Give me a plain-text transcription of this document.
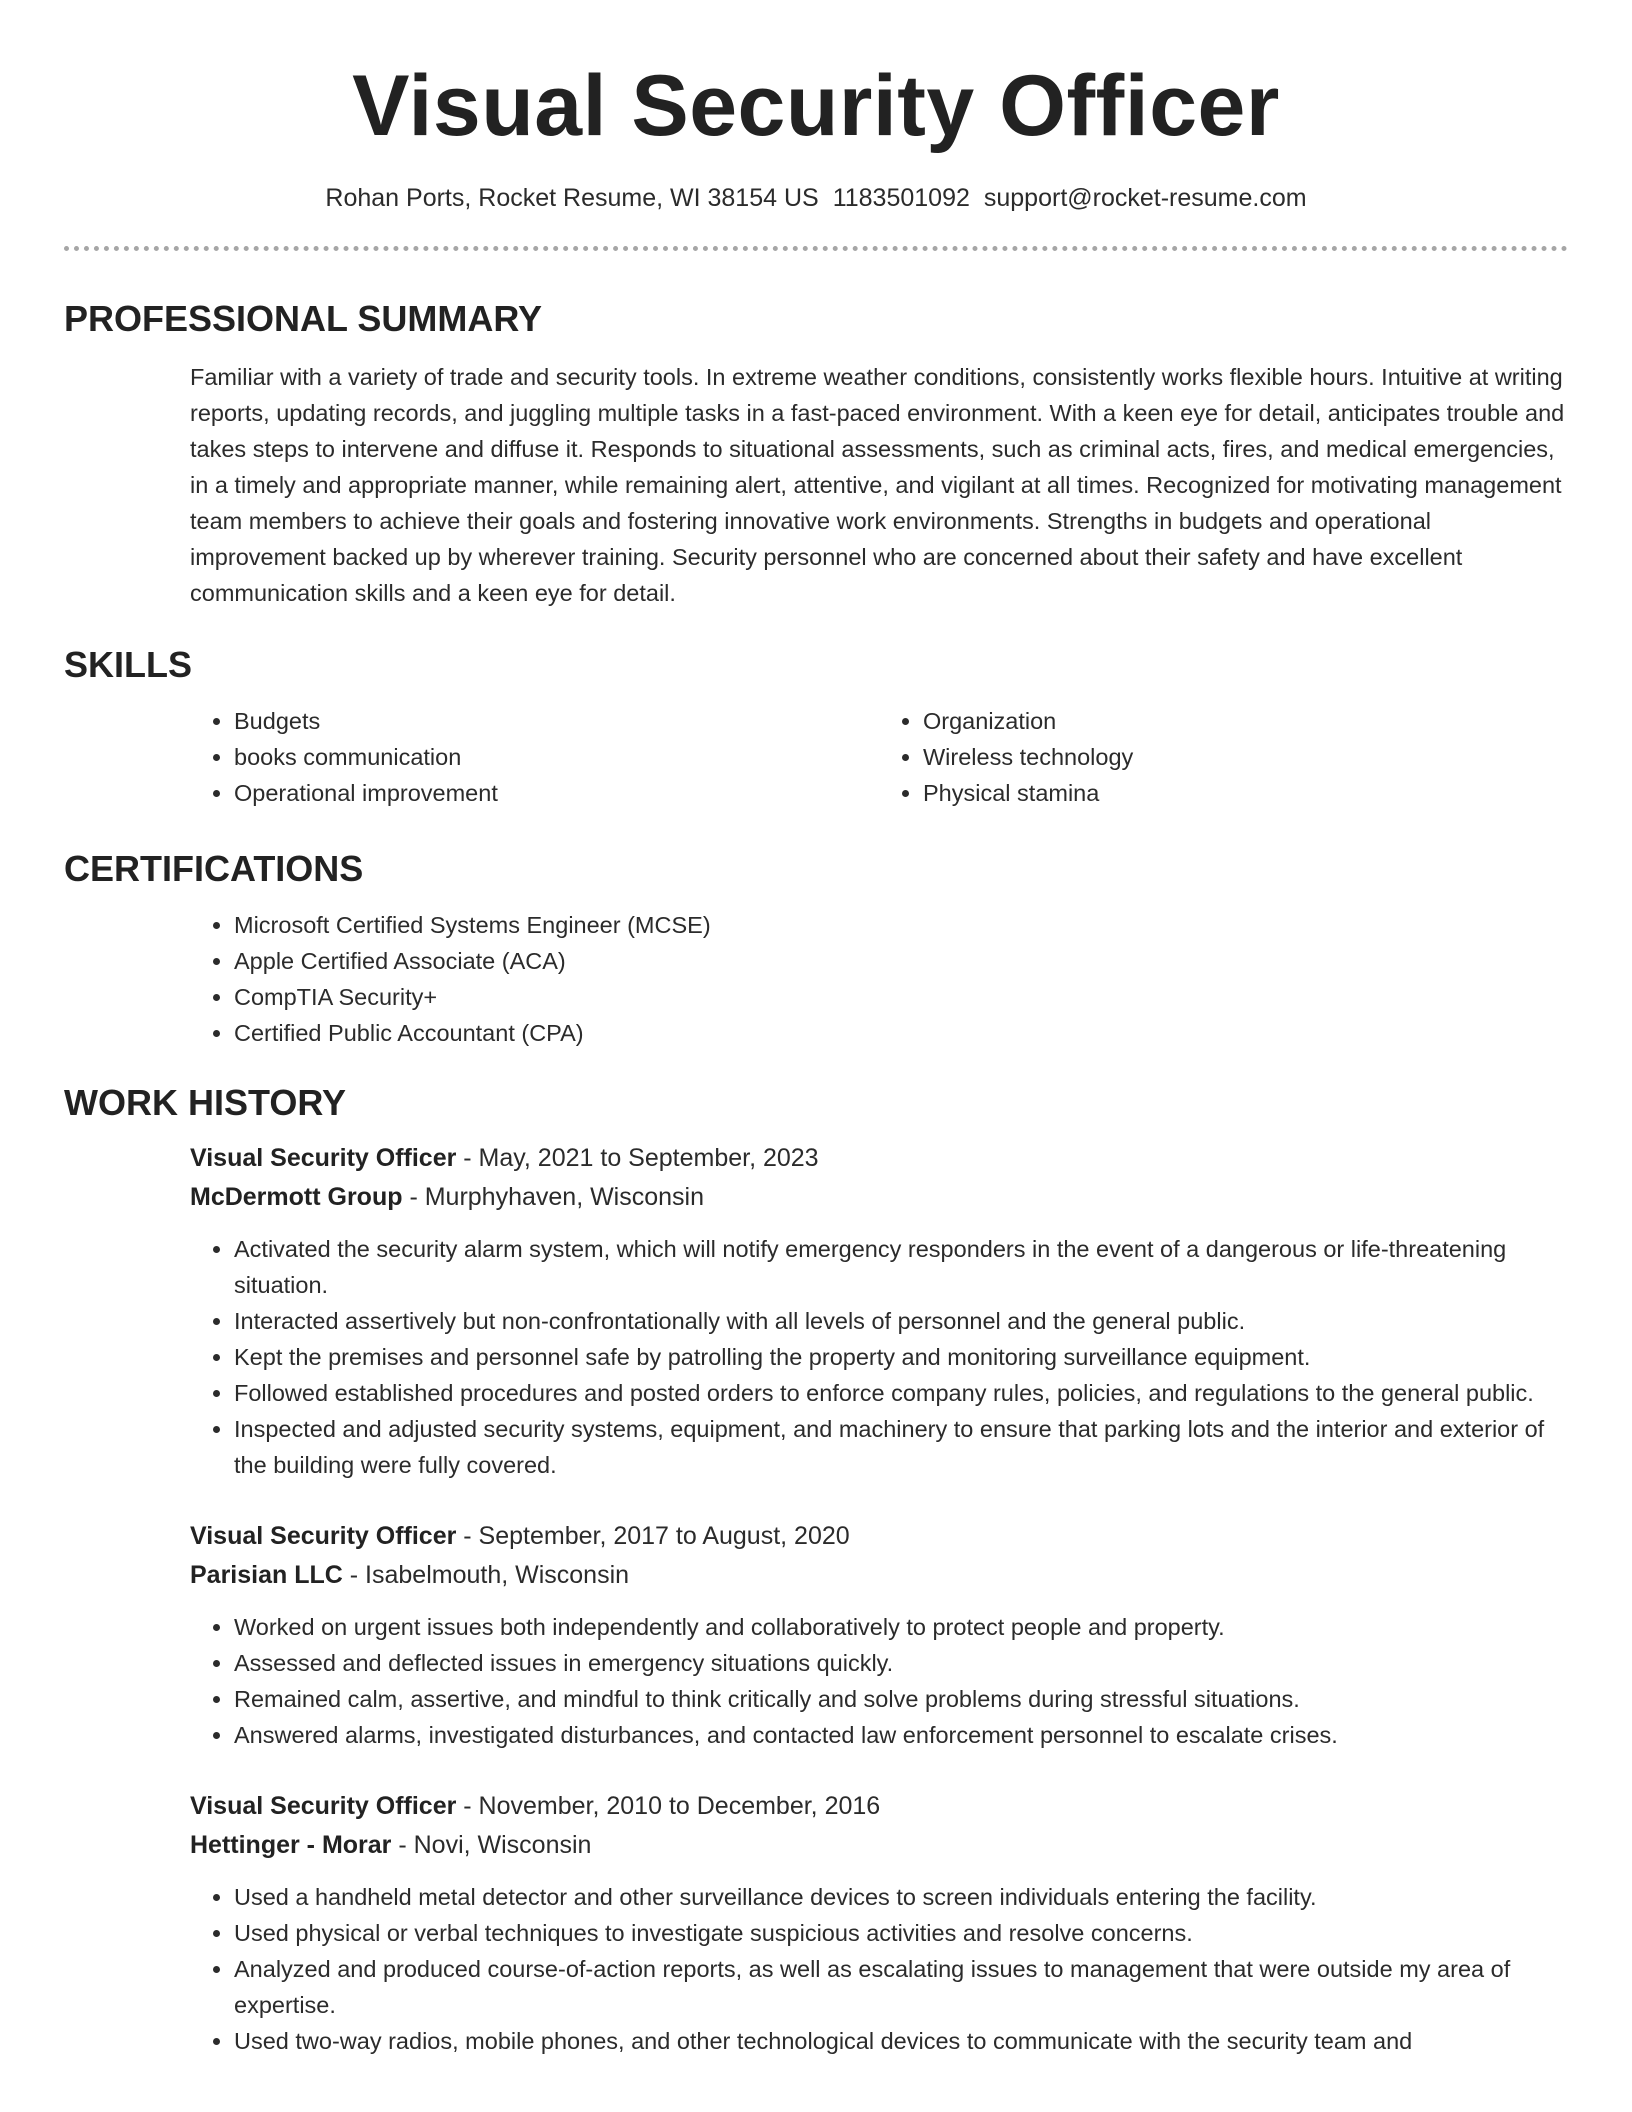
Visual Security Officer
Rohan Ports, Rocket Resume, WI 38154 US 1183501092 support@rocket-resume.com
PROFESSIONAL SUMMARY

Familiar with a variety of trade and security tools. In extreme weather conditions, consistently works flexible hours. Intuitive at writing reports, updating records, and juggling multiple tasks in a fast-paced environment. With a keen eye for detail, anticipates trouble and takes steps to intervene and diffuse it. Responds to situational assessments, such as criminal acts, fires, and medical emergencies, in a timely and appropriate manner, while remaining alert, attentive, and vigilant at all times. Recognized for motivating management team members to achieve their goals and fostering innovative work environments. Strengths in budgets and operational improvement backed up by wherever training. Security personnel who are concerned about their safety and have excellent communication skills and a keen eye for detail.

SKILLS
• Budgets
• books communication
• Operational improvement
• Organization
• Wireless technology
• Physical stamina
CERTIFICATIONS
• Microsoft Certified Systems Engineer (MCSE)
• Apple Certified Associate (ACA)
• CompTIA Security+
• Certified Public Accountant (CPA)
WORK HISTORY
Visual Security Officer - May, 2021 to September, 2023
McDermott Group - Murphyhaven, Wisconsin
• Activated the security alarm system, which will notify emergency responders in the event of a dangerous or life-threatening situation.
• Interacted assertively but non-confrontationally with all levels of personnel and the general public.
• Kept the premises and personnel safe by patrolling the property and monitoring surveillance equipment.
• Followed established procedures and posted orders to enforce company rules, policies, and regulations to the general public.
• Inspected and adjusted security systems, equipment, and machinery to ensure that parking lots and the interior and exterior of the building were fully covered.
Visual Security Officer - September, 2017 to August, 2020
Parisian LLC - Isabelmouth, Wisconsin
• Worked on urgent issues both independently and collaboratively to protect people and property.
• Assessed and deflected issues in emergency situations quickly.
• Remained calm, assertive, and mindful to think critically and solve problems during stressful situations.
• Answered alarms, investigated disturbances, and contacted law enforcement personnel to escalate crises.
Visual Security Officer - November, 2010 to December, 2016
Hettinger - Morar - Novi, Wisconsin
• Used a handheld metal detector and other surveillance devices to screen individuals entering the facility.
• Used physical or verbal techniques to investigate suspicious activities and resolve concerns.
• Analyzed and produced course-of-action reports, as well as escalating issues to management that were outside my area of expertise.
• Used two-way radios, mobile phones, and other technological devices to communicate with the security team and
